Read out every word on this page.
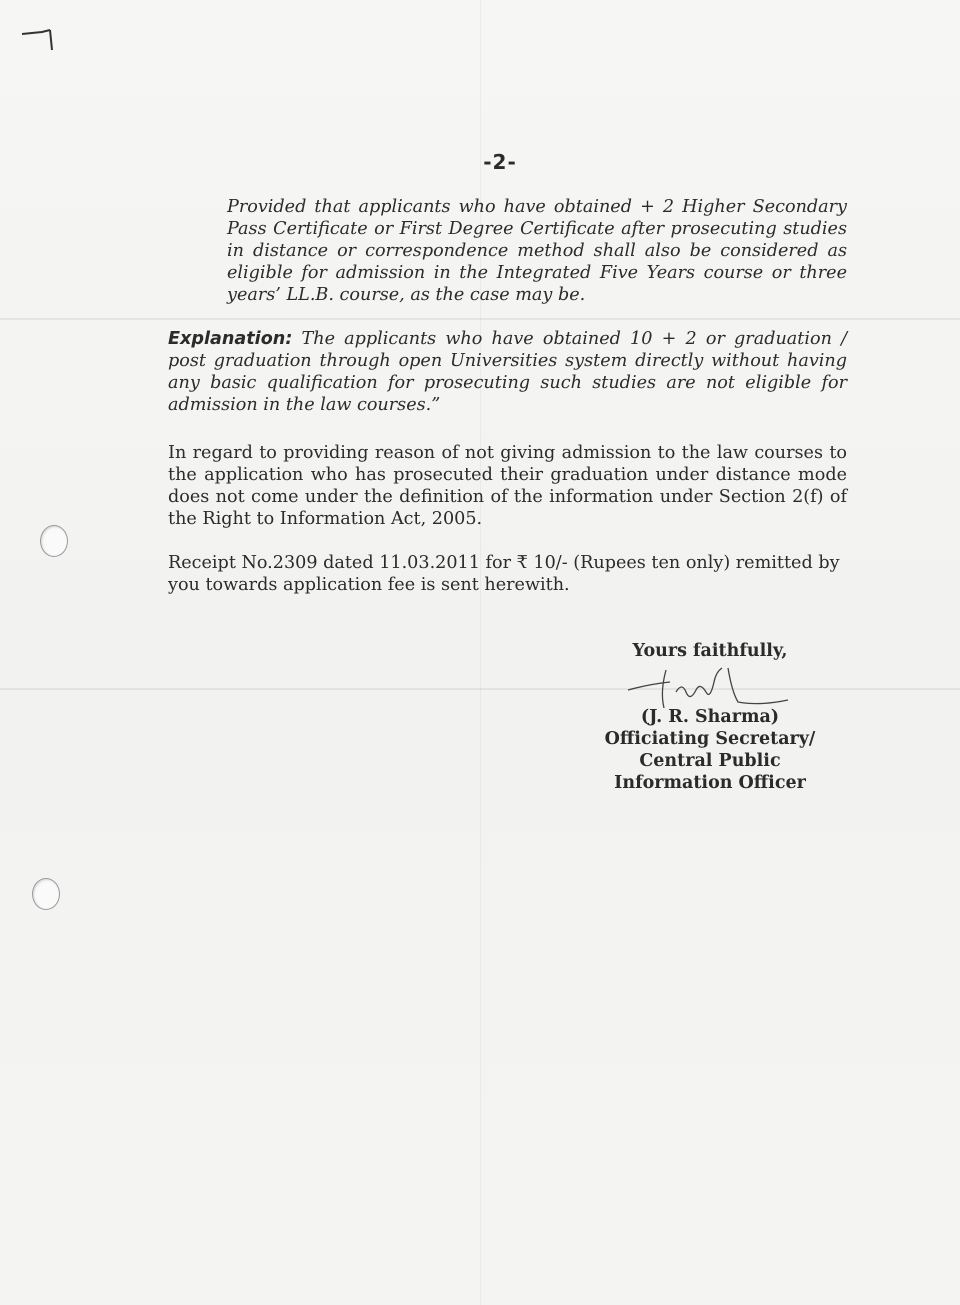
-2-

Provided that applicants who have obtained + 2 Higher Secondary Pass Certificate or First Degree Certificate after prosecuting studies in distance or correspondence method shall also be considered as eligible for admission in the Integrated Five Years course or three years’ LL.B. course, as the case may be.

Explanation: The applicants who have obtained 10 + 2 or graduation / post graduation through open Universities system directly without having any basic qualification for prosecuting such studies are not eligible for admission in the law courses.”

In regard to providing reason of not giving admission to the law courses to the application who has prosecuted their graduation under distance mode does not come under the definition of the information under Section 2(f) of the Right to Information Act, 2005.

Receipt No.2309 dated 11.03.2011 for ₹ 10/- (Rupees ten only) remitted by you towards application fee is sent herewith.

Yours faithfully,
(J. R. Sharma)
Officiating Secretary/
Central Public
Information Officer
